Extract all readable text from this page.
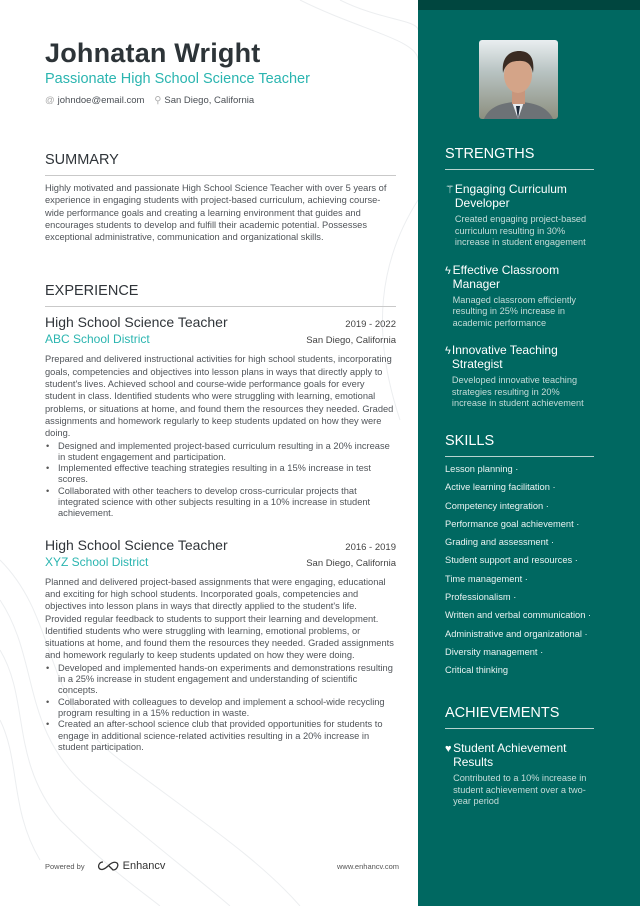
Johnatan Wright
Passionate High School Science Teacher
@ johndoe@email.com ⚲ San Diego, California
SUMMARY

Highly motivated and passionate High School Science Teacher with over 5 years of experience in engaging students with project-based curriculum, achieving course-wide performance goals and creating a learning environment that guides and encourages students to develop and fulfill their academic potential. Possesses exceptional administrative, communication and organizational skills.

EXPERIENCE
High School Science Teacher	2019 - 2022
ABC School District	San Diego, California

Prepared and delivered instructional activities for high school students, incorporating goals, competencies and objectives into lesson plans in ways that directly apply to student's lives. Achieved school and course-wide performance goals for every student in class. Identified students who were struggling with learning, emotional problems, or situations at home, and found them the resources they needed. Graded assignments and homework regularly to keep students updated on how they were doing.

• Designed and implemented project-based curriculum resulting in a 20% increase in student engagement and participation.
• Implemented effective teaching strategies resulting in a 15% increase in test scores.
• Collaborated with other teachers to develop cross-curricular projects that integrated science with other subjects resulting in a 10% increase in student achievement.
High School Science Teacher	2016 - 2019
XYZ School District	San Diego, California

Planned and delivered project-based assignments that were engaging, educational and exciting for high school students. Incorporated goals, competencies and objectives into lesson plans in ways that directly applied to the student's life. Provided regular feedback to students to support their learning and development. Identified students who were struggling with learning, emotional problems, or situations at home, and found them the resources they needed. Graded assignments and homework regularly to keep students updated on how they were doing.

• Developed and implemented hands-on experiments and demonstrations resulting in a 25% increase in student engagement and understanding of scientific concepts.
• Collaborated with colleagues to develop and implement a school-wide recycling program resulting in a 15% reduction in waste.
• Created an after-school science club that provided opportunities for students to engage in additional science-related activities resulting in a 20% increase in student participation.
Powered by	Enhancv	www.enhancv.com
STRENGTHS
⚚ Engaging Curriculum Developer
Created engaging project-based curriculum resulting in 30% increase in student engagement
ϟ Effective Classroom Manager
Managed classroom efficiently resulting in 25% increase in academic performance
ϟ Innovative Teaching Strategist
Developed innovative teaching strategies resulting in 20% increase in student achievement
SKILLS
Lesson planning ·
Active learning facilitation ·
Competency integration ·
Performance goal achievement ·
Grading and assessment ·
Student support and resources ·
Time management ·
Professionalism ·
Written and verbal communication ·
Administrative and organizational ·
Diversity management ·
Critical thinking
ACHIEVEMENTS
♥ Student Achievement Results
Contributed to a 10% increase in student achievement over a two-year period
